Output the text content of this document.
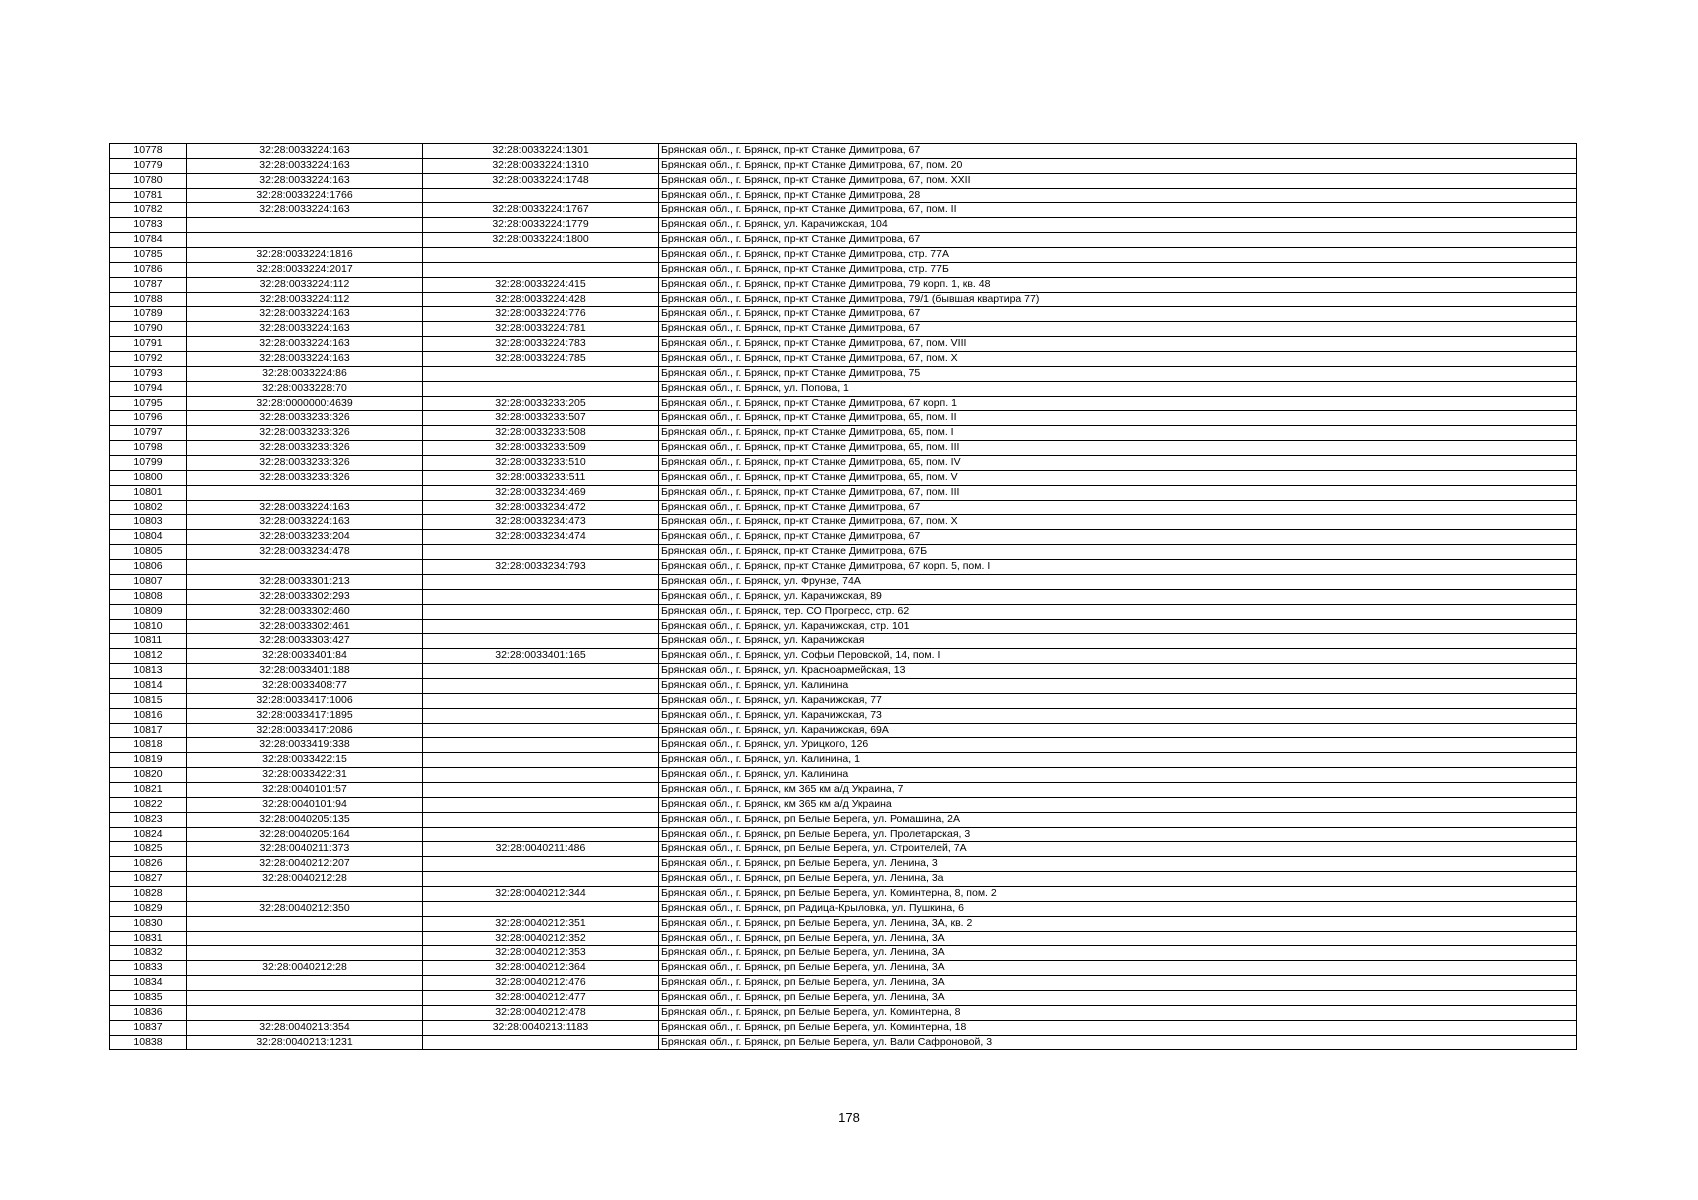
10778	32:28:0033224:163	32:28:0033224:1301	Брянская обл., г. Брянск, пр-кт Станке Димитрова, 67
10779	32:28:0033224:163	32:28:0033224:1310	Брянская обл., г. Брянск, пр-кт Станке Димитрова, 67, пом. 20
10780	32:28:0033224:163	32:28:0033224:1748	Брянская обл., г. Брянск, пр-кт Станке Димитрова, 67, пом. XXII
10781	32:28:0033224:1766		Брянская обл., г. Брянск, пр-кт Станке Димитрова, 28
10782	32:28:0033224:163	32:28:0033224:1767	Брянская обл., г. Брянск, пр-кт Станке Димитрова, 67, пом. II
10783		32:28:0033224:1779	Брянская обл., г. Брянск, ул. Карачижская, 104
10784		32:28:0033224:1800	Брянская обл., г. Брянск, пр-кт Станке Димитрова, 67
10785	32:28:0033224:1816		Брянская обл., г. Брянск, пр-кт Станке Димитрова, стр. 77А
10786	32:28:0033224:2017		Брянская обл., г. Брянск, пр-кт Станке Димитрова, стр. 77Б
10787	32:28:0033224:112	32:28:0033224:415	Брянская обл., г. Брянск, пр-кт Станке Димитрова, 79 корп. 1, кв. 48
10788	32:28:0033224:112	32:28:0033224:428	Брянская обл., г. Брянск, пр-кт Станке Димитрова, 79/1 (бывшая квартира 77)
10789	32:28:0033224:163	32:28:0033224:776	Брянская обл., г. Брянск, пр-кт Станке Димитрова, 67
10790	32:28:0033224:163	32:28:0033224:781	Брянская обл., г. Брянск, пр-кт Станке Димитрова, 67
10791	32:28:0033224:163	32:28:0033224:783	Брянская обл., г. Брянск, пр-кт Станке Димитрова, 67, пом. VIII
10792	32:28:0033224:163	32:28:0033224:785	Брянская обл., г. Брянск, пр-кт Станке Димитрова, 67, пом. X
10793	32:28:0033224:86		Брянская обл., г. Брянск, пр-кт Станке Димитрова, 75
10794	32:28:0033228:70		Брянская обл., г. Брянск, ул. Попова, 1
10795	32:28:0000000:4639	32:28:0033233:205	Брянская обл., г. Брянск, пр-кт Станке Димитрова, 67 корп. 1
10796	32:28:0033233:326	32:28:0033233:507	Брянская обл., г. Брянск, пр-кт Станке Димитрова, 65, пом. II
10797	32:28:0033233:326	32:28:0033233:508	Брянская обл., г. Брянск, пр-кт Станке Димитрова, 65, пом. I
10798	32:28:0033233:326	32:28:0033233:509	Брянская обл., г. Брянск, пр-кт Станке Димитрова, 65, пом. III
10799	32:28:0033233:326	32:28:0033233:510	Брянская обл., г. Брянск, пр-кт Станке Димитрова, 65, пом. IV
10800	32:28:0033233:326	32:28:0033233:511	Брянская обл., г. Брянск, пр-кт Станке Димитрова, 65, пом. V
10801		32:28:0033234:469	Брянская обл., г. Брянск, пр-кт Станке Димитрова, 67, пом. III
10802	32:28:0033224:163	32:28:0033234:472	Брянская обл., г. Брянск, пр-кт Станке Димитрова, 67
10803	32:28:0033224:163	32:28:0033234:473	Брянская обл., г. Брянск, пр-кт Станке Димитрова, 67, пом. X
10804	32:28:0033233:204	32:28:0033234:474	Брянская обл., г. Брянск, пр-кт Станке Димитрова, 67
10805	32:28:0033234:478		Брянская обл., г. Брянск, пр-кт Станке Димитрова, 67Б
10806		32:28:0033234:793	Брянская обл., г. Брянск, пр-кт Станке Димитрова, 67 корп. 5, пом. I
10807	32:28:0033301:213		Брянская обл., г. Брянск, ул. Фрунзе, 74А
10808	32:28:0033302:293		Брянская обл., г. Брянск, ул. Карачижская, 89
10809	32:28:0033302:460		Брянская обл., г. Брянск, тер. СО Прогресс, стр. 62
10810	32:28:0033302:461		Брянская обл., г. Брянск, ул. Карачижская, стр. 101
10811	32:28:0033303:427		Брянская обл., г. Брянск, ул. Карачижская
10812	32:28:0033401:84	32:28:0033401:165	Брянская обл., г. Брянск, ул. Софьи Перовской, 14, пом. I
10813	32:28:0033401:188		Брянская обл., г. Брянск, ул. Красноармейская, 13
10814	32:28:0033408:77		Брянская обл., г. Брянск, ул. Калинина
10815	32:28:0033417:1006		Брянская обл., г. Брянск, ул. Карачижская, 77
10816	32:28:0033417:1895		Брянская обл., г. Брянск, ул. Карачижская, 73
10817	32:28:0033417:2086		Брянская обл., г. Брянск, ул. Карачижская, 69А
10818	32:28:0033419:338		Брянская обл., г. Брянск, ул. Урицкого, 126
10819	32:28:0033422:15		Брянская обл., г. Брянск, ул. Калинина, 1
10820	32:28:0033422:31		Брянская обл., г. Брянск, ул. Калинина
10821	32:28:0040101:57		Брянская обл., г. Брянск, км 365 км а/д Украина, 7
10822	32:28:0040101:94		Брянская обл., г. Брянск, км 365 км а/д Украина
10823	32:28:0040205:135		Брянская обл., г. Брянск, рп Белые Берега, ул. Ромашина, 2А
10824	32:28:0040205:164		Брянская обл., г. Брянск, рп Белые Берега, ул. Пролетарская, 3
10825	32:28:0040211:373	32:28:0040211:486	Брянская обл., г. Брянск, рп Белые Берега, ул. Строителей, 7А
10826	32:28:0040212:207		Брянская обл., г. Брянск, рп Белые Берега, ул. Ленина, 3
10827	32:28:0040212:28		Брянская обл., г. Брянск, рп Белые Берега, ул. Ленина, 3а
10828		32:28:0040212:344	Брянская обл., г. Брянск, рп Белые Берега, ул. Коминтерна, 8, пом. 2
10829	32:28:0040212:350		Брянская обл., г. Брянск, рп Радица-Крыловка, ул. Пушкина, 6
10830		32:28:0040212:351	Брянская обл., г. Брянск, рп Белые Берега, ул. Ленина, 3А, кв. 2
10831		32:28:0040212:352	Брянская обл., г. Брянск, рп Белые Берега, ул. Ленина, 3А
10832		32:28:0040212:353	Брянская обл., г. Брянск, рп Белые Берега, ул. Ленина, 3А
10833	32:28:0040212:28	32:28:0040212:364	Брянская обл., г. Брянск, рп Белые Берега, ул. Ленина, 3А
10834		32:28:0040212:476	Брянская обл., г. Брянск, рп Белые Берега, ул. Ленина, 3А
10835		32:28:0040212:477	Брянская обл., г. Брянск, рп Белые Берега, ул. Ленина, 3А
10836		32:28:0040212:478	Брянская обл., г. Брянск, рп Белые Берега, ул. Коминтерна, 8
10837	32:28:0040213:354	32:28:0040213:1183	Брянская обл., г. Брянск, рп Белые Берега, ул. Коминтерна, 18
10838	32:28:0040213:1231		Брянская обл., г. Брянск, рп Белые Берега, ул. Вали Сафроновой, 3
178
